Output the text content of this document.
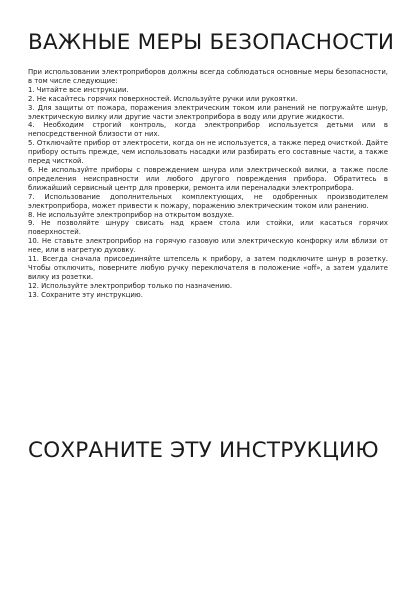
ВАЖНЫЕ МЕРЫ БЕЗОПАСНОСТИ

При использовании электроприборов должны всегда соблюдаться основные меры безопасности, в том числе следующие:

1. Читайте все инструкции.

2. Не касайтесь горячих поверхностей. Используйте ручки или рукоятки.

3. Для защиты от пожара, поражения электрическим током или ранений не погружайте шнур, электрическую вилку или другие части электроприбора в воду или другие жидкости.

4. Необходим строгий контроль, когда электроприбор используется детьми или в непосредственной близости от них.

5. Отключайте прибор от электросети, когда он не используется, а также перед очисткой. Дайте прибору остыть прежде, чем использовать насадки или разбирать его составные части, а также перед чисткой.

6. Не используйте приборы с повреждением шнура или электрической вилки, а также после определения неисправности или любого другого повреждения прибора. Обратитесь в ближайший сервисный центр для проверки, ремонта или переналадки электроприбора.

7. Использование дополнительных комплектующих, не одобренных производителем электроприбора, может привести к пожару, поражению электрическим током или ранению.

8. Не используйте электроприбор на открытом воздухе.

9. Не позволяйте шнуру свисать над краем стола или стойки, или касаться горячих поверхностей.

10. Не ставьте электроприбор на горячую газовую или электрическую конфорку или вблизи от нее, или в нагретую духовку.

11. Всегда сначала присоединяйте штепсель к прибору, а затем подключите шнур в розетку. Чтобы отключить, поверните любую ручку переключателя в положение «off», а затем удалите вилку из розетки.

12. Используйте электроприбор только по назначению.

13. Сохраните эту инструкцию.

СОХРАНИТЕ ЭТУ ИНСТРУКЦИЮ
